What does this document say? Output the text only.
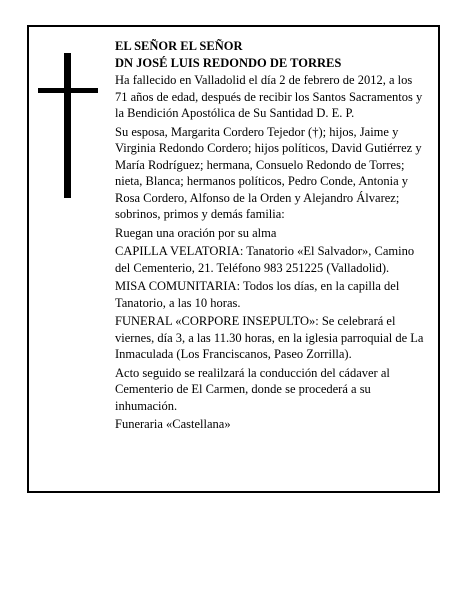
EL SEÑOR EL SEÑOR
DN JOSÉ LUIS REDONDO DE TORRES

Ha fallecido en Valladolid el día 2 de febrero de 2012, a los 71 años de edad, después de recibir los Santos Sacramentos y la Bendición Apostólica de Su Santidad D. E. P.

Su esposa, Margarita Cordero Tejedor (†); hijos, Jaime y Virginia Redondo Cordero; hijos políticos, David Gutiérrez y María Rodríguez; hermana, Consuelo Redondo de Torres; nieta, Blanca; hermanos políticos, Pedro Conde, Antonia y Rosa Cordero, Alfonso de la Orden y Alejandro Álvarez; sobrinos, primos y demás familia:

Ruegan una oración por su alma

CAPILLA VELATORIA: Tanatorio «El Salvador», Camino del Cementerio, 21. Teléfono 983 251225 (Valladolid).

MISA COMUNITARIA: Todos los días, en la capilla del Tanatorio, a las 10 horas.

FUNERAL «CORPORE INSEPULTO»: Se celebrará el viernes, día 3, a las 11.30 horas, en la iglesia parroquial de La Inmaculada (Los Franciscanos, Paseo Zorrilla).

Acto seguido se realilzará la conducción del cádaver al Cementerio de El Carmen, donde se procederá a su inhumación.

Funeraria «Castellana»
